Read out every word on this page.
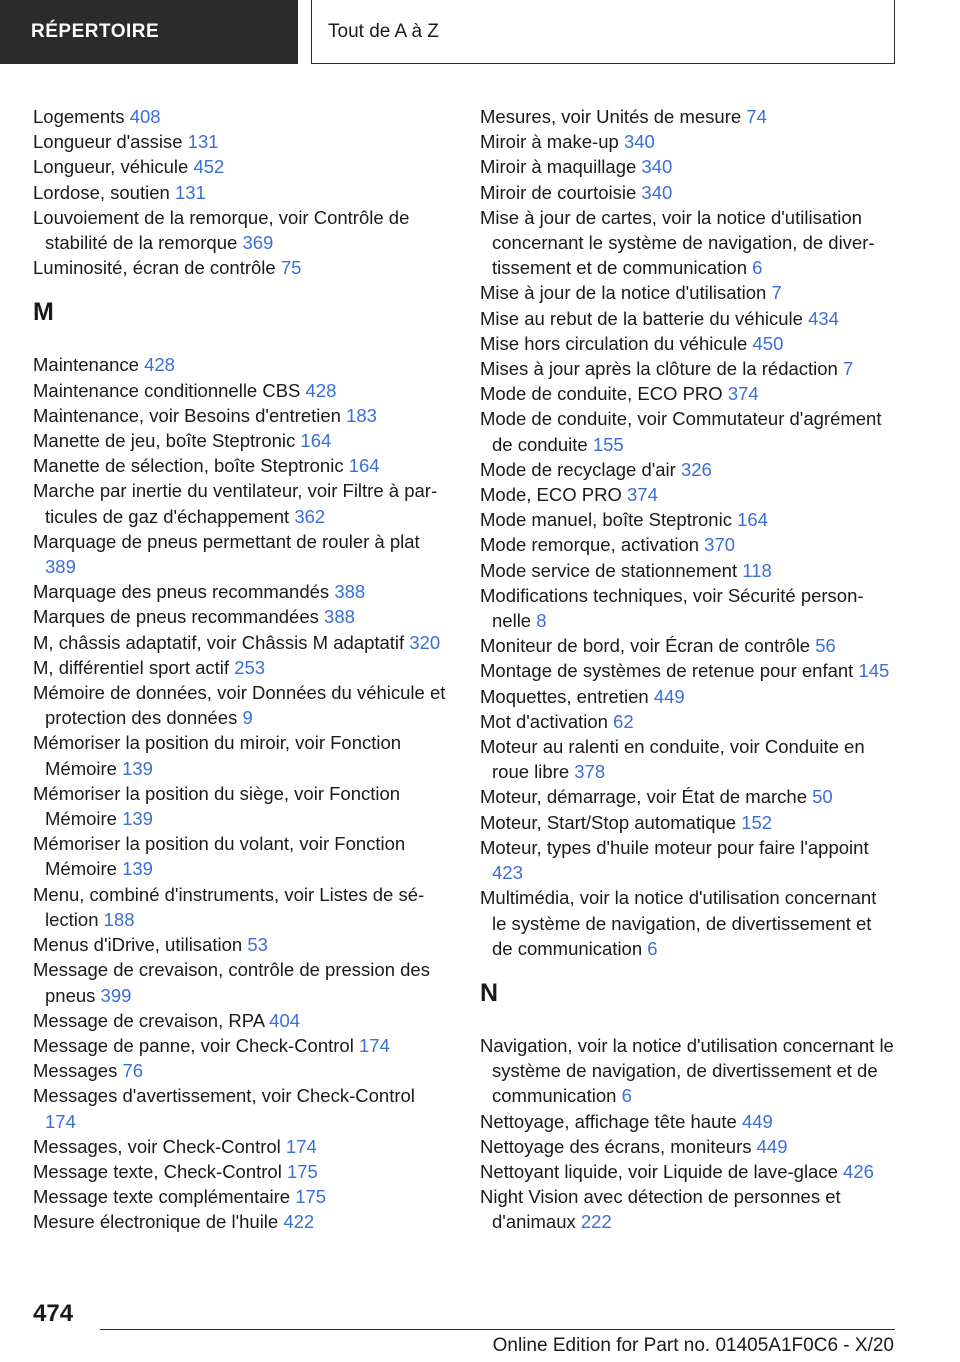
RÉPERTOIRE	Tout de A à Z
Logements 408
Longueur d'assise 131
Longueur, véhicule 452
Lordose, soutien 131
Louvoiement de la remorque, voir Contrôle de stabilité de la remorque 369
Luminosité, écran de contrôle 75
M
Maintenance 428
Maintenance conditionnelle CBS 428
Maintenance, voir Besoins d'entretien 183
Manette de jeu, boîte Steptronic 164
Manette de sélection, boîte Steptronic 164
Marche par inertie du ventilateur, voir Filtre à particules de gaz d'échappement 362
Marquage de pneus permettant de rouler à plat 389
Marquage des pneus recommandés 388
Marques de pneus recommandées 388
M, châssis adaptatif, voir Châssis M adaptatif 320
M, différentiel sport actif 253
Mémoire de données, voir Données du véhicule et protection des données 9
Mémoriser la position du miroir, voir Fonction Mémoire 139
Mémoriser la position du siège, voir Fonction Mémoire 139
Mémoriser la position du volant, voir Fonction Mémoire 139
Menu, combiné d'instruments, voir Listes de sélection 188
Menus d'iDrive, utilisation 53
Message de crevaison, contrôle de pression des pneus 399
Message de crevaison, RPA 404
Message de panne, voir Check-Control 174
Messages 76
Messages d'avertissement, voir Check-Control 174
Messages, voir Check-Control 174
Message texte, Check-Control 175
Message texte complémentaire 175
Mesure électronique de l'huile 422
Mesures, voir Unités de mesure 74
Miroir à make-up 340
Miroir à maquillage 340
Miroir de courtoisie 340
Mise à jour de cartes, voir la notice d'utilisation concernant le système de navigation, de divertissement et de communication 6
Mise à jour de la notice d'utilisation 7
Mise au rebut de la batterie du véhicule 434
Mise hors circulation du véhicule 450
Mises à jour après la clôture de la rédaction 7
Mode de conduite, ECO PRO 374
Mode de conduite, voir Commutateur d'agrément de conduite 155
Mode de recyclage d'air 326
Mode, ECO PRO 374
Mode manuel, boîte Steptronic 164
Mode remorque, activation 370
Mode service de stationnement 118
Modifications techniques, voir Sécurité personnelle 8
Moniteur de bord, voir Écran de contrôle 56
Montage de systèmes de retenue pour enfant 145
Moquettes, entretien 449
Mot d'activation 62
Moteur au ralenti en conduite, voir Conduite en roue libre 378
Moteur, démarrage, voir État de marche 50
Moteur, Start/Stop automatique 152
Moteur, types d'huile moteur pour faire l'appoint 423
Multimédia, voir la notice d'utilisation concernant le système de navigation, de divertissement et de communication 6
N
Navigation, voir la notice d'utilisation concernant le système de navigation, de divertissement et de communication 6
Nettoyage, affichage tête haute 449
Nettoyage des écrans, moniteurs 449
Nettoyant liquide, voir Liquide de lave-glace 426
Night Vision avec détection de personnes et d'animaux 222
474
Online Edition for Part no. 01405A1F0C6 - X/20
